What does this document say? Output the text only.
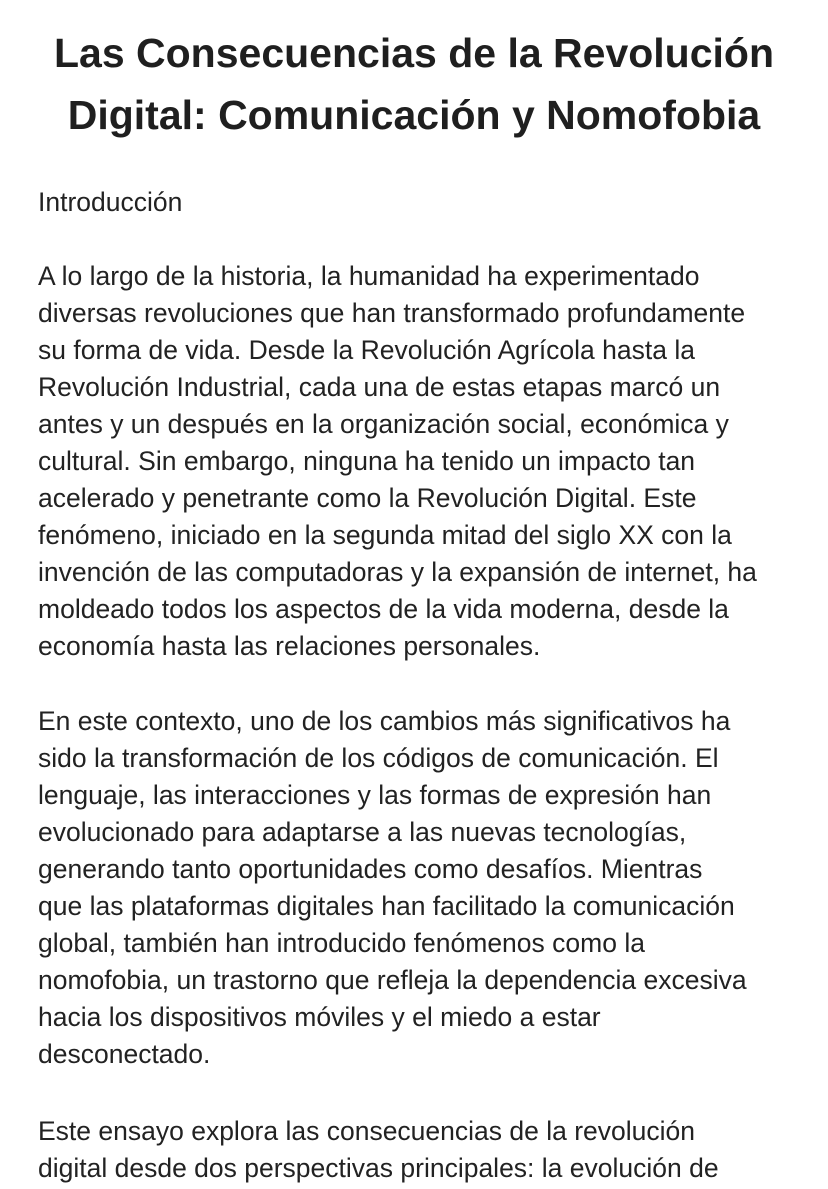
Las Consecuencias de la Revolución
Digital: Comunicación y Nomofobia
Introducción
A lo largo de la historia, la humanidad ha experimentado
diversas revoluciones que han transformado profundamente
su forma de vida. Desde la Revolución Agrícola hasta la
Revolución Industrial, cada una de estas etapas marcó un
antes y un después en la organización social, económica y
cultural. Sin embargo, ninguna ha tenido un impacto tan
acelerado y penetrante como la Revolución Digital. Este
fenómeno, iniciado en la segunda mitad del siglo XX con la
invención de las computadoras y la expansión de internet, ha
moldeado todos los aspectos de la vida moderna, desde la
economía hasta las relaciones personales.
En este contexto, uno de los cambios más significativos ha
sido la transformación de los códigos de comunicación. El
lenguaje, las interacciones y las formas de expresión han
evolucionado para adaptarse a las nuevas tecnologías,
generando tanto oportunidades como desafíos. Mientras
que las plataformas digitales han facilitado la comunicación
global, también han introducido fenómenos como la
nomofobia, un trastorno que refleja la dependencia excesiva
hacia los dispositivos móviles y el miedo a estar
desconectado.
Este ensayo explora las consecuencias de la revolución
digital desde dos perspectivas principales: la evolución de
